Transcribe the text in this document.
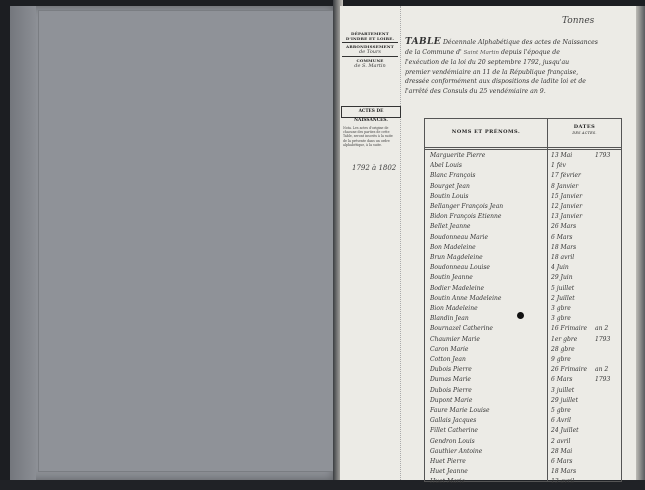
Tonnes
DÉPARTEMENT D'INDRE ET LOIRE.
ARRONDISSEMENT
de Tours
COMMUNE
de S. Martin
ACTES DE NAISSANCES.
Nota. Les actes d'origine de chacune des parties de cette Table, seront inscrits à la suite de la présente dans un ordre alphabétique, à la suite.
1792 à 1802
TABLE Décennale Alphabétique des actes de Naissances
de la Commune d' Saint Martin depuis l'époque de
l'exécution de la loi du 20 septembre 1792, jusqu'au
premier vendémiaire an 11 de la République française,
dressée conformément aux dispositions de ladite loi et de
l'arrêté des Consuls du 25 vendémiaire an 9.
NOMS ET PRÉNOMS.
DATES
DES ACTES.
Marguerite Pierre	13 Mai	1793
Abel Louis	1 fév
Blanc François	17 février
Bourget Jean	8 Janvier
Boutin Louis	15 Janvier
Bellanger François Jean	12 Janvier
Bidon François Étienne	13 Janvier
Bellet Jeanne	26 Mars
Boudonneau Marie	6 Mars
Bon Madeleine	18 Mars
Brun Magdeleine	18 avril
Boudonneau Louise	4 Juin
Boutin Jeanne	29 Juin
Bodier Madeleine	5 juillet
Boutin Anne Madeleine	2 Juillet
Bion Madeleine	3 gbre
Blandin Jean	3 gbre
Bournazel Catherine	16 Frimaire	an 2
Chaumier Marie	1er gbre	1793
Caron Marie	28 gbre
Cotton Jean	9 gbre
Dubois Pierre	26 Frimaire	an 2
Dumas Marie	6 Mars	1793
Dubois Pierre	3 juillet
Dupont Marie	29 juillet
Faure Marie Louise	5 gbre
Gallais Jacques	6 Avril
Fillet Catherine	24 Juillet
Gendron Louis	2 avril
Gauthier Antoine	28 Mai
Huet Pierre	6 Mars
Huet Jeanne	18 Mars
Huet Marie	13 avril
